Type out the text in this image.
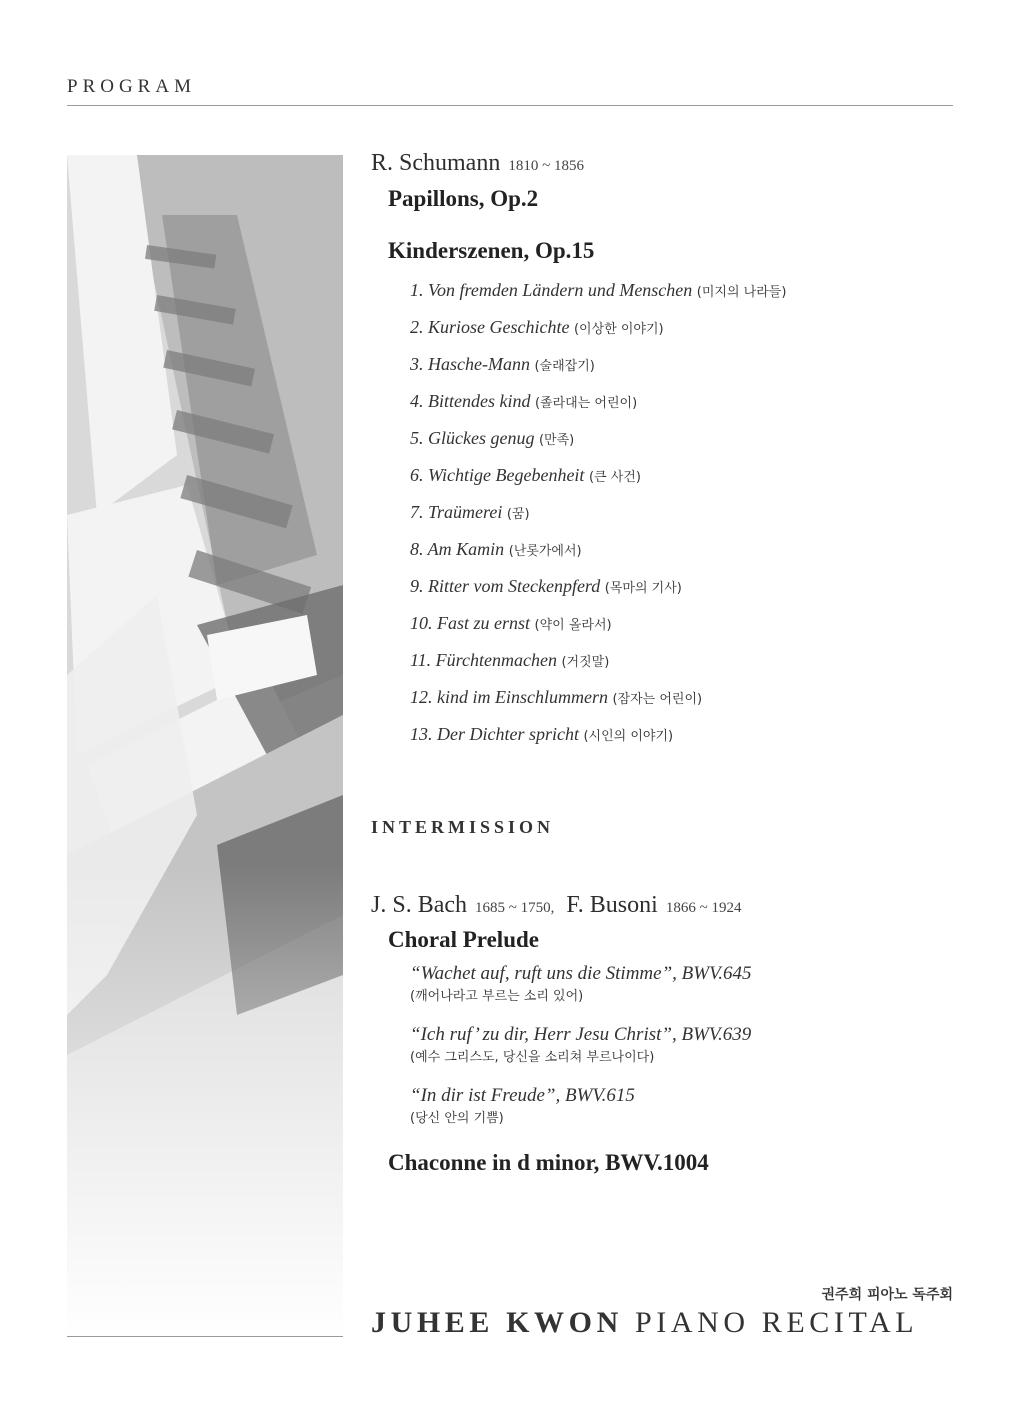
PROGRAM
R. Schumann 1810 ~ 1856
Papillons, Op.2
Kinderszenen, Op.15
1. Von fremden Ländern und Menschen (미지의 나라들)
2. Kuriose Geschichte (이상한 이야기)
3. Hasche-Mann (술래잡기)
4. Bittendes kind (졸라대는 어린이)
5. Glückes genug (만족)
6. Wichtige Begebenheit (큰 사건)
7. Traümerei (꿈)
8. Am Kamin (난롯가에서)
9. Ritter vom Steckenpferd (목마의 기사)
10. Fast zu ernst (약이 올라서)
11. Fürchtenmachen (거짓말)
12. kind im Einschlummern (잠자는 어린이)
13. Der Dichter spricht (시인의 이야기)
INTERMISSION
J. S. Bach 1685 ~ 1750, F. Busoni 1866 ~ 1924
Choral Prelude
“Wachet auf, ruft uns die Stimme”, BWV.645
(깨어나라고 부르는 소리 있어)
“Ich ruf’ zu dir, Herr Jesu Christ”, BWV.639
(예수 그리스도, 당신을 소리쳐 부르나이다)
“In dir ist Freude”, BWV.615
(당신 안의 기쁨)
Chaconne in d minor, BWV.1004
권주희 피아노 독주회
JUHEE KWON PIANO RECITAL
